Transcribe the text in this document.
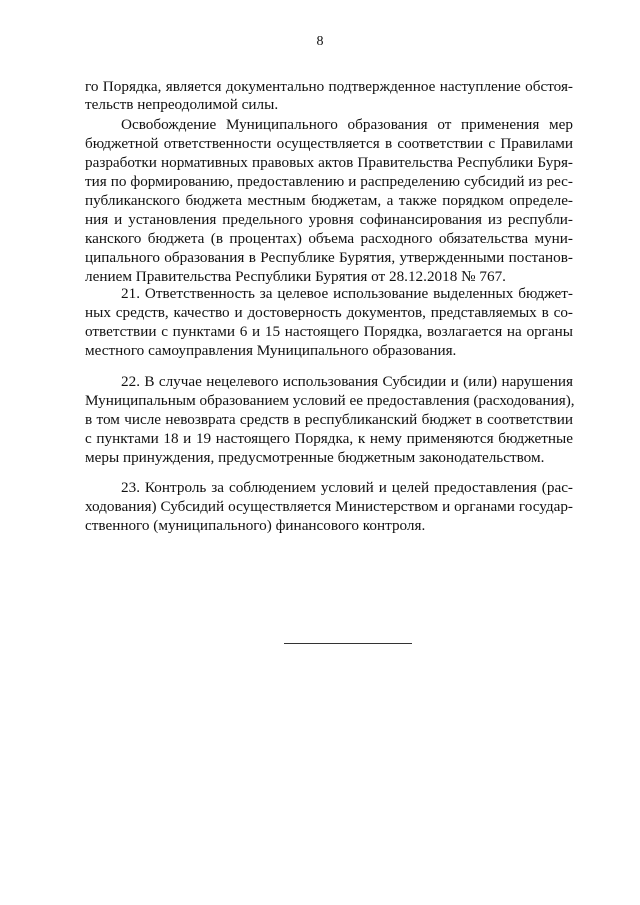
8
го Порядка, является документально подтвержденное наступление обстоя-
тельств непреодолимой силы.
Освобождение Муниципального образования от применения мер
бюджетной ответственности осуществляется в соответствии с Правилами
разработки нормативных правовых актов Правительства Республики Буря-
тия по формированию, предоставлению и распределению субсидий из рес-
публиканского бюджета местным бюджетам, а также порядком определе-
ния и установления предельного уровня софинансирования из республи-
канского бюджета (в процентах) объема расходного обязательства муни-
ципального образования в Республике Бурятия, утвержденными постанов-
лением Правительства Республики Бурятия от 28.12.2018 № 767.
21. Ответственность за целевое использование выделенных бюджет-
ных средств, качество и достоверность документов, представляемых в со-
ответствии с пунктами 6 и 15 настоящего Порядка, возлагается на органы
местного самоуправления Муниципального образования.
22. В случае нецелевого использования Субсидии и (или) нарушения
Муниципальным образованием условий ее предоставления (расходования),
в том числе невозврата средств в республиканский бюджет в соответствии
с пунктами 18 и 19 настоящего Порядка, к нему применяются бюджетные
меры принуждения, предусмотренные бюджетным законодательством.
23. Контроль за соблюдением условий и целей предоставления (рас-
ходования) Субсидий осуществляется Министерством и органами государ-
ственного (муниципального) финансового контроля.
